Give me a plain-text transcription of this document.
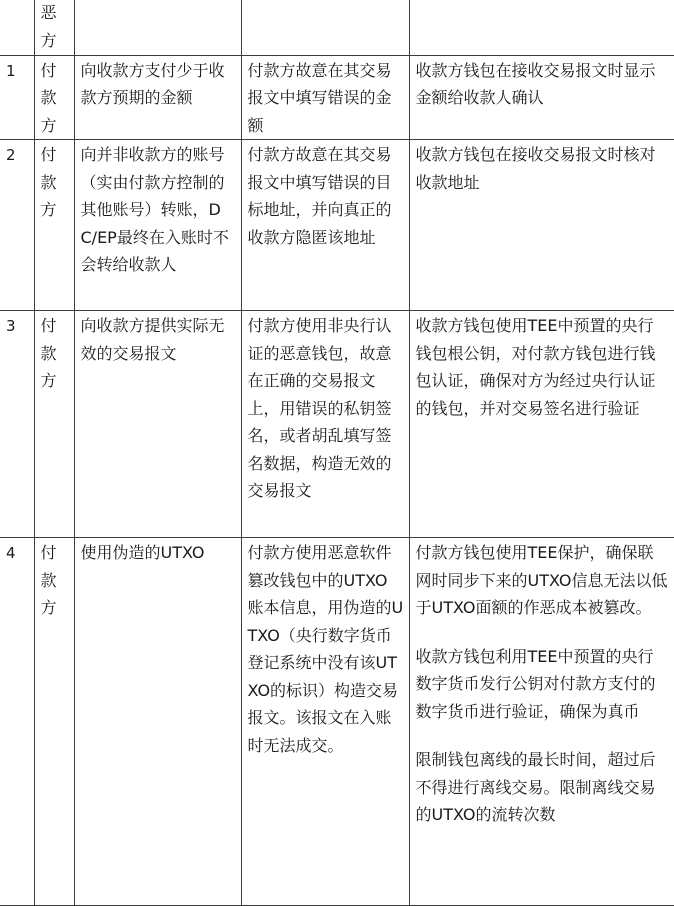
	恶方			
1	付款方	向收款方支付少于收款方预期的金额	付款方故意在其交易报文中填写错误的金额	收款方钱包在接收交易报文时显示金额给收款人确认

2	付款方	向并非收款方的账号（实由付款方控制的其他账号）转账，DC/EP最终在入账时不会转给收款人	付款方故意在其交易报文中填写错误的目标地址，并向真正的收款方隐匿该地址	收款方钱包在接收交易报文时核对收款地址

3	付款方	向收款方提供实际无效的交易报文	付款方使用非央行认证的恶意钱包，故意在正确的交易报文上，用错误的私钥签名，或者胡乱填写签名数据，构造无效的交易报文	收款方钱包使用TEE中预置的央行钱包根公钥，对付款方钱包进行钱包认证，确保对方为经过央行认证的钱包，并对交易签名进行验证

4	付款方	使用伪造的UTXO	付款方使用恶意软件篡改钱包中的UTXO账本信息，用伪造的UTXO（央行数字货币登记系统中没有该UTXO的标识）构造交易报文。该报文在入账时无法成交。	付款方钱包使用TEE保护，确保联网时同步下来的UTXO信息无法以低于UTXO面额的作恶成本被篡改。
收款方钱包利用TEE中预置的央行数字货币发行公钥对付款方支付的数字货币进行验证，确保为真币
限制钱包离线的最长时间，超过后不得进行离线交易。限制离线交易的UTXO的流转次数
